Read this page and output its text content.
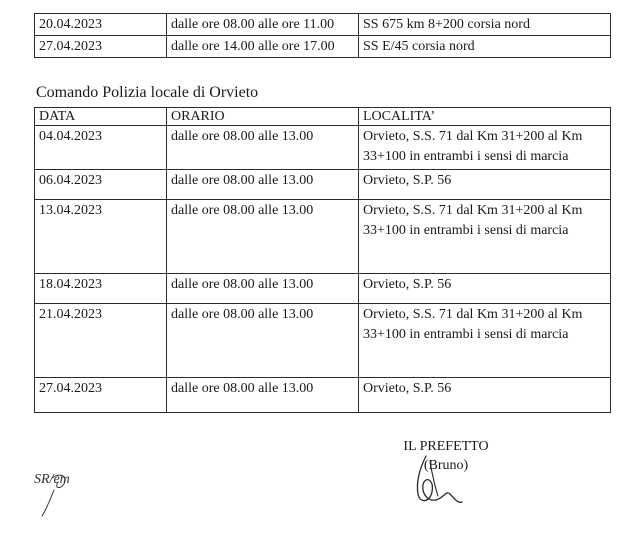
20.04.2023	dalle ore 08.00 alle ore 11.00	SS 675 km 8+200 corsia nord
27.04.2023	dalle ore 14.00 alle ore 17.00	SS E/45 corsia nord
Comando Polizia locale di Orvieto
DATA	ORARIO	LOCALITA’
04.04.2023	dalle ore 08.00 alle 13.00	Orvieto, S.S. 71 dal Km 31+200 al Km 33+100 in entrambi i sensi di marcia
06.04.2023	dalle ore 08.00 alle 13.00	Orvieto, S.P. 56
13.04.2023	dalle ore 08.00 alle 13.00	Orvieto, S.S. 71 dal Km 31+200 al Km 33+100 in entrambi i sensi di marcia
18.04.2023	dalle ore 08.00 alle 13.00	Orvieto, S.P. 56
21.04.2023	dalle ore 08.00 alle 13.00	Orvieto, S.S. 71 dal Km 31+200 al Km 33+100 in entrambi i sensi di marcia
27.04.2023	dalle ore 08.00 alle 13.00	Orvieto, S.P. 56
IL PREFETTO
(Bruno)
SR/em
